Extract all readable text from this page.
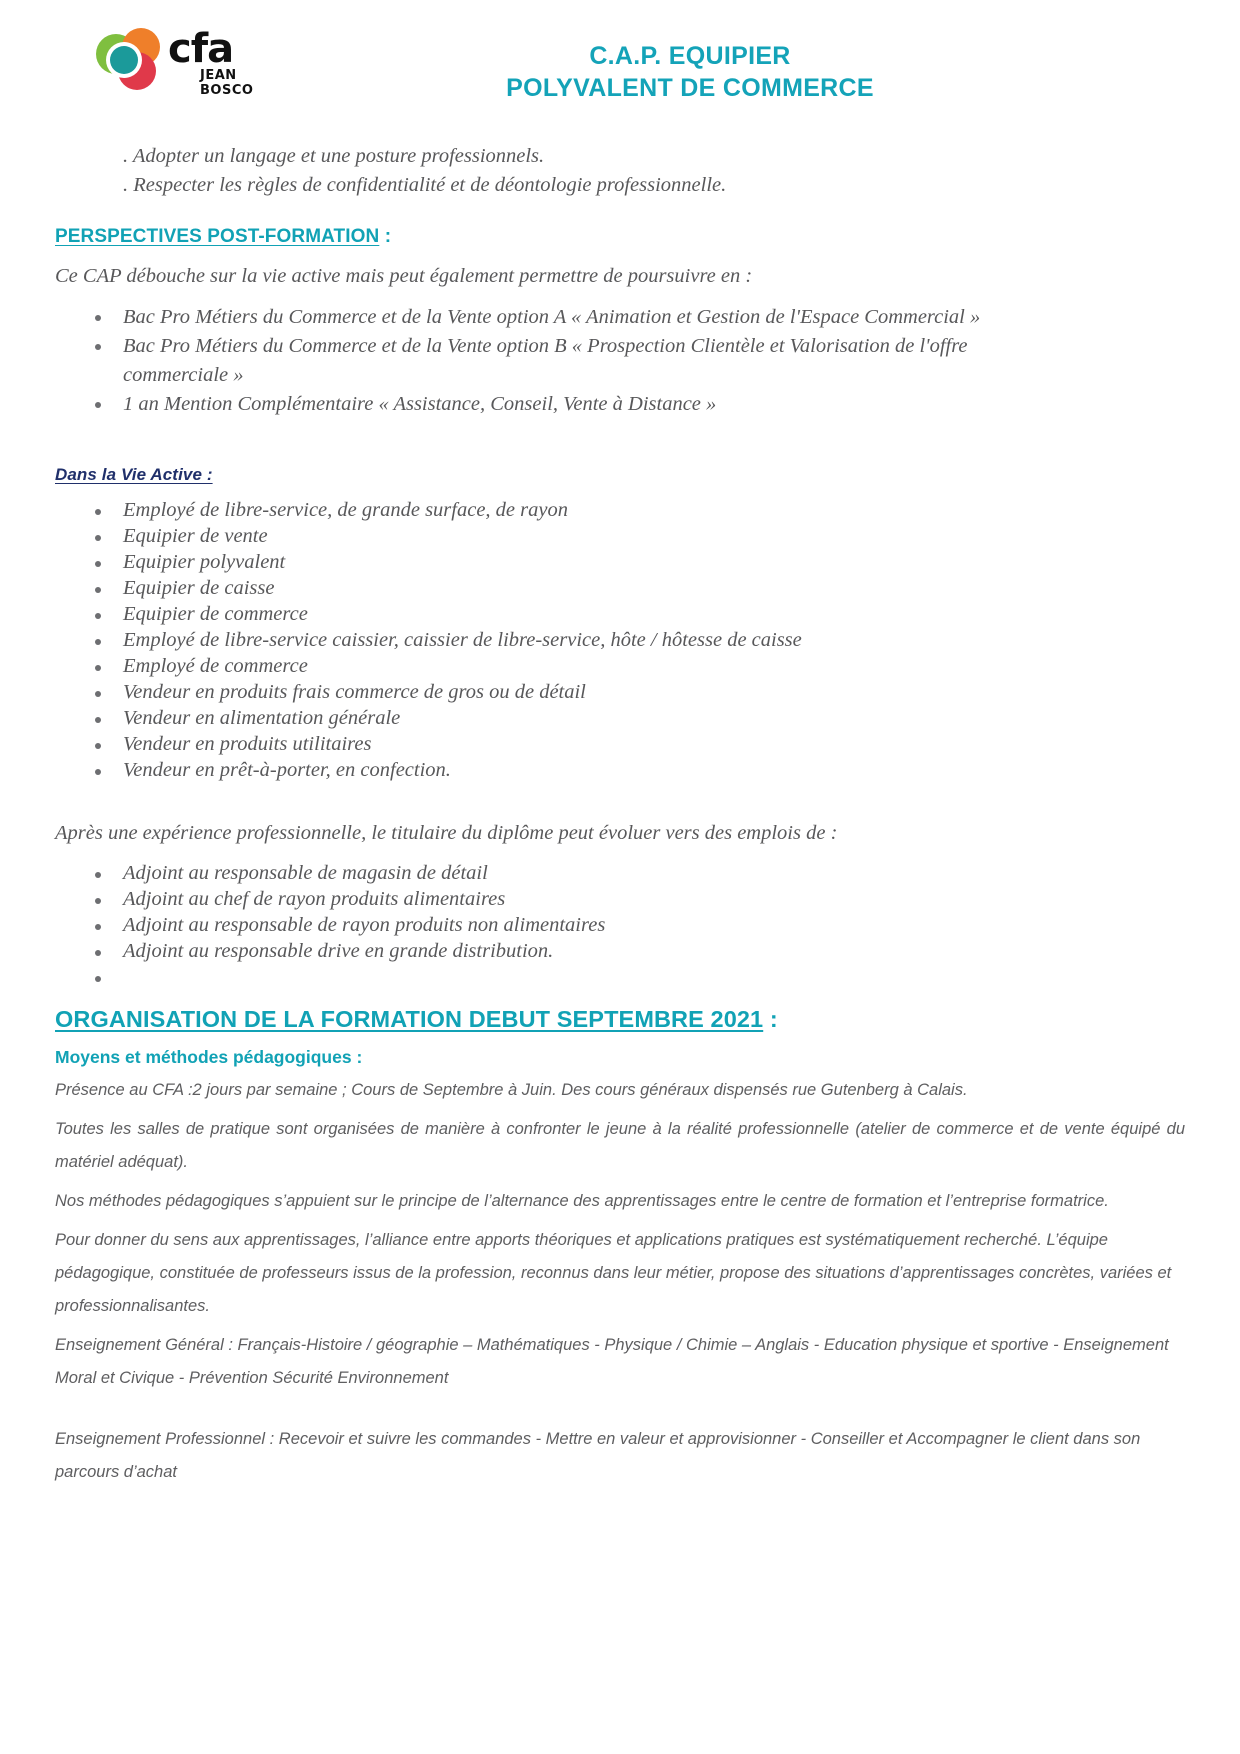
cfa
JEAN BOSCO
C.A.P. EQUIPIER
POLYVALENT DE COMMERCE
. Adopter un langage et une posture professionnels.
. Respecter les règles de confidentialité et de déontologie professionnelle.
PERSPECTIVES POST-FORMATION :

Ce CAP débouche sur la vie active mais peut également permettre de poursuivre en :

Bac Pro Métiers du Commerce et de la Vente option A « Animation et Gestion de l'Espace Commercial »
Bac Pro Métiers du Commerce et de la Vente option B « Prospection Clientèle et Valorisation de l'offre commerciale »
1 an Mention Complémentaire « Assistance, Conseil, Vente à Distance »
Dans la Vie Active :
Employé de libre-service, de grande surface, de rayon
Equipier de vente
Equipier polyvalent
Equipier de caisse
Equipier de commerce
Employé de libre-service caissier, caissier de libre-service, hôte / hôtesse de caisse
Employé de commerce
Vendeur en produits frais commerce de gros ou de détail
Vendeur en alimentation générale
Vendeur en produits utilitaires
Vendeur en prêt-à-porter, en confection.

Après une expérience professionnelle, le titulaire du diplôme peut évoluer vers des emplois de :

Adjoint au responsable de magasin de détail
Adjoint au chef de rayon produits alimentaires
Adjoint au responsable de rayon produits non alimentaires
Adjoint au responsable drive en grande distribution.
ORGANISATION DE LA FORMATION DEBUT SEPTEMBRE 2021 :
Moyens et méthodes pédagogiques :

Présence au CFA :2 jours par semaine ; Cours de Septembre à Juin. Des cours généraux dispensés rue Gutenberg à Calais.

Toutes les salles de pratique sont organisées de manière à confronter le jeune à la réalité professionnelle (atelier de commerce et de vente équipé du matériel adéquat).

Nos méthodes pédagogiques s’appuient sur le principe de l’alternance des apprentissages entre le centre de formation et l’entreprise formatrice.

Pour donner du sens aux apprentissages, l’alliance entre apports théoriques et applications pratiques est systématiquement recherché. L’équipe pédagogique, constituée de professeurs issus de la profession, reconnus dans leur métier, propose des situations d’apprentissages concrètes, variées et professionnalisantes.

Enseignement Général : Français-Histoire / géographie – Mathématiques - Physique / Chimie – Anglais - Education physique et sportive - Enseignement Moral et Civique - Prévention Sécurité Environnement

Enseignement Professionnel : Recevoir et suivre les commandes - Mettre en valeur et approvisionner - Conseiller et Accompagner le client dans son parcours d’achat
